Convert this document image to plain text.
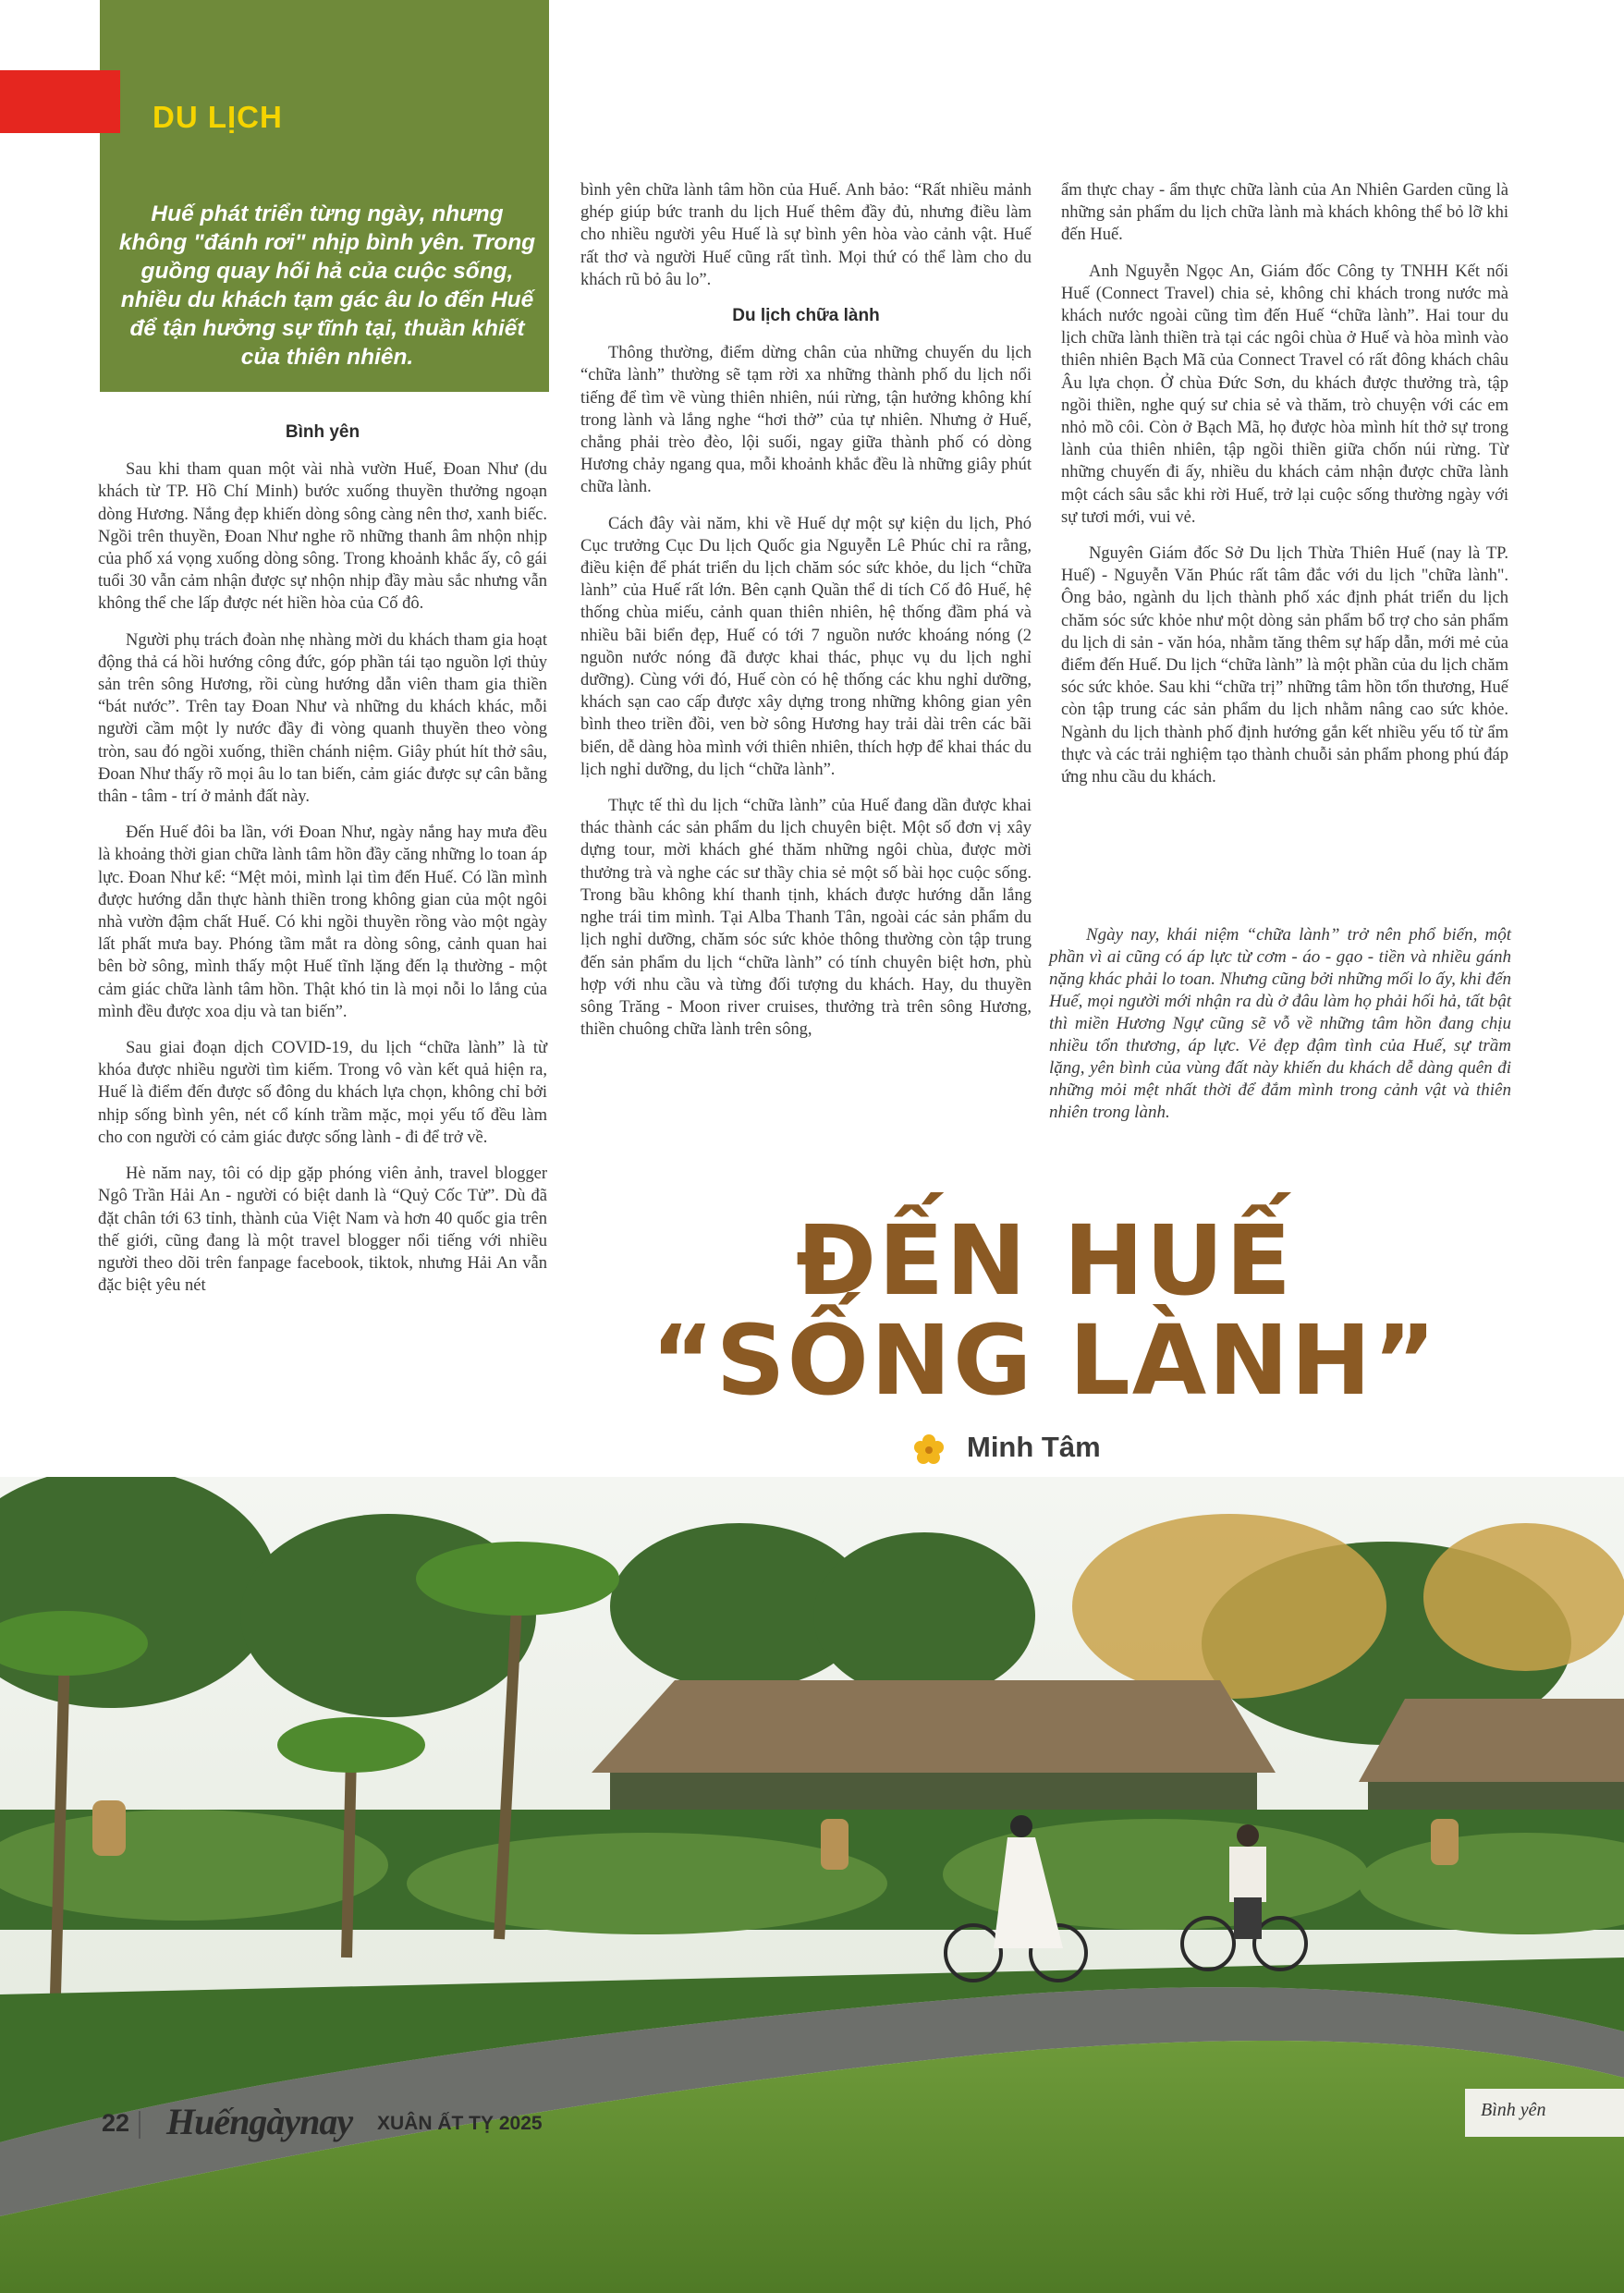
DU LỊCH
Huế phát triển từng ngày, nhưng không "đánh rơi" nhịp bình yên. Trong guồng quay hối hả của cuộc sống, nhiều du khách tạm gác âu lo đến Huế để tận hưởng sự tĩnh tại, thuần khiết của thiên nhiên.
Bình yên

Sau khi tham quan một vài nhà vườn Huế, Đoan Như (du khách từ TP. Hồ Chí Minh) bước xuống thuyền thưởng ngoạn dòng Hương. Nắng đẹp khiến dòng sông càng nên thơ, xanh biếc. Ngồi trên thuyền, Đoan Như nghe rõ những thanh âm nhộn nhịp của phố xá vọng xuống dòng sông. Trong khoảnh khắc ấy, cô gái tuổi 30 vẫn cảm nhận được sự nhộn nhịp đầy màu sắc nhưng vẫn không thể che lấp được nét hiền hòa của Cố đô.

Người phụ trách đoàn nhẹ nhàng mời du khách tham gia hoạt động thả cá hồi hướng công đức, góp phần tái tạo nguồn lợi thủy sản trên sông Hương, rồi cùng hướng dẫn viên tham gia thiền “bát nước”. Trên tay Đoan Như và những du khách khác, mỗi người cầm một ly nước đầy đi vòng quanh thuyền theo vòng tròn, sau đó ngồi xuống, thiền chánh niệm. Giây phút hít thở sâu, Đoan Như thấy rõ mọi âu lo tan biến, cảm giác được sự cân bằng thân - tâm - trí ở mảnh đất này.

Đến Huế đôi ba lần, với Đoan Như, ngày nắng hay mưa đều là khoảng thời gian chữa lành tâm hồn đầy căng những lo toan áp lực. Đoan Như kể: “Mệt mỏi, mình lại tìm đến Huế. Có lần mình được hướng dẫn thực hành thiền trong không gian của một ngôi nhà vườn đậm chất Huế. Có khi ngồi thuyền rồng vào một ngày lất phất mưa bay. Phóng tầm mắt ra dòng sông, cảnh quan hai bên bờ sông, mình thấy một Huế tĩnh lặng đến lạ thường - một cảm giác chữa lành tâm hồn. Thật khó tin là mọi nỗi lo lắng của mình đều được xoa dịu và tan biến”.

Sau giai đoạn dịch COVID-19, du lịch “chữa lành” là từ khóa được nhiều người tìm kiếm. Trong vô vàn kết quả hiện ra, Huế là điểm đến được số đông du khách lựa chọn, không chỉ bởi nhịp sống bình yên, nét cổ kính trầm mặc, mọi yếu tố đều làm cho con người có cảm giác được sống lành - đi để trở về.

Hè năm nay, tôi có dịp gặp phóng viên ảnh, travel blogger Ngô Trần Hải An - người có biệt danh là “Quỷ Cốc Tử”. Dù đã đặt chân tới 63 tỉnh, thành của Việt Nam và hơn 40 quốc gia trên thế giới, cũng đang là một travel blogger nổi tiếng với nhiều người theo dõi trên fanpage facebook, tiktok, nhưng Hải An vẫn đặc biệt yêu nét

bình yên chữa lành tâm hồn của Huế. Anh bảo: “Rất nhiều mảnh ghép giúp bức tranh du lịch Huế thêm đầy đủ, nhưng điều làm cho nhiều người yêu Huế là sự bình yên hòa vào cảnh vật. Huế rất thơ và người Huế cũng rất tình. Mọi thứ có thể làm cho du khách rũ bỏ âu lo”.

Du lịch chữa lành

Thông thường, điểm dừng chân của những chuyến du lịch “chữa lành” thường sẽ tạm rời xa những thành phố du lịch nổi tiếng để tìm về vùng thiên nhiên, núi rừng, tận hưởng không khí trong lành và lắng nghe “hơi thở” của tự nhiên. Nhưng ở Huế, chẳng phải trèo đèo, lội suối, ngay giữa thành phố có dòng Hương chảy ngang qua, mỗi khoảnh khắc đều là những giây phút chữa lành.

Cách đây vài năm, khi về Huế dự một sự kiện du lịch, Phó Cục trưởng Cục Du lịch Quốc gia Nguyễn Lê Phúc chỉ ra rằng, điều kiện để phát triển du lịch chăm sóc sức khỏe, du lịch “chữa lành” của Huế rất lớn. Bên cạnh Quần thể di tích Cố đô Huế, hệ thống chùa miếu, cảnh quan thiên nhiên, hệ thống đầm phá và nhiều bãi biển đẹp, Huế có tới 7 nguồn nước khoáng nóng (2 nguồn nước nóng đã được khai thác, phục vụ du lịch nghỉ dưỡng). Cùng với đó, Huế còn có hệ thống các khu nghỉ dưỡng, khách sạn cao cấp được xây dựng trong những không gian yên bình theo triền đồi, ven bờ sông Hương hay trải dài trên các bãi biển, dễ dàng hòa mình với thiên nhiên, thích hợp để khai thác du lịch nghỉ dưỡng, du lịch “chữa lành”.

Thực tế thì du lịch “chữa lành” của Huế đang dần được khai thác thành các sản phẩm du lịch chuyên biệt. Một số đơn vị xây dựng tour, mời khách ghé thăm những ngôi chùa, được mời thưởng trà và nghe các sư thầy chia sẻ một số bài học cuộc sống. Trong bầu không khí thanh tịnh, khách được hướng dẫn lắng nghe trái tim mình. Tại Alba Thanh Tân, ngoài các sản phẩm du lịch nghỉ dưỡng, chăm sóc sức khỏe thông thường còn tập trung đến sản phẩm du lịch “chữa lành” có tính chuyên biệt hơn, phù hợp với nhu cầu và từng đối tượng du khách. Hay, du thuyền sông Trăng - Moon river cruises, thưởng trà trên sông Hương, thiền chuông chữa lành trên sông,

ẩm thực chay - ẩm thực chữa lành của An Nhiên Garden cũng là những sản phẩm du lịch chữa lành mà khách không thể bỏ lỡ khi đến Huế.

Anh Nguyễn Ngọc An, Giám đốc Công ty TNHH Kết nối Huế (Connect Travel) chia sẻ, không chỉ khách trong nước mà khách nước ngoài cũng tìm đến Huế “chữa lành”. Hai tour du lịch chữa lành thiền trà tại các ngôi chùa ở Huế và hòa mình vào thiên nhiên Bạch Mã của Connect Travel có rất đông khách châu Âu lựa chọn. Ở chùa Đức Sơn, du khách được thưởng trà, tập ngồi thiền, nghe quý sư chia sẻ và thăm, trò chuyện với các em nhỏ mồ côi. Còn ở Bạch Mã, họ được hòa mình hít thở sự trong lành của thiên nhiên, tập ngồi thiền giữa chốn núi rừng. Từ những chuyến đi ấy, nhiều du khách cảm nhận được chữa lành một cách sâu sắc khi rời Huế, trở lại cuộc sống thường ngày với sự tươi mới, vui vẻ.

Nguyên Giám đốc Sở Du lịch Thừa Thiên Huế (nay là TP. Huế) - Nguyễn Văn Phúc rất tâm đắc với du lịch "chữa lành". Ông bảo, ngành du lịch thành phố xác định phát triển du lịch chăm sóc sức khỏe như một dòng sản phẩm bổ trợ cho sản phẩm du lịch di sản - văn hóa, nhằm tăng thêm sự hấp dẫn, mới mẻ của điểm đến Huế. Du lịch “chữa lành” là một phần của du lịch chăm sóc sức khỏe. Sau khi “chữa trị” những tâm hồn tổn thương, Huế còn tập trung các sản phẩm du lịch nhằm nâng cao sức khỏe. Ngành du lịch thành phố định hướng gắn kết nhiều yếu tố từ ẩm thực và các trải nghiệm tạo thành chuỗi sản phẩm phong phú đáp ứng nhu cầu du khách.

Ngày nay, khái niệm “chữa lành” trở nên phổ biến, một phần vì ai cũng có áp lực từ cơm - áo - gạo - tiền và nhiều gánh nặng khác phải lo toan. Nhưng cũng bởi những mối lo ấy, khi đến Huế, mọi người mới nhận ra dù ở đâu làm họ phải hối hả, tất bật thì miền Hương Ngự cũng sẽ vỗ về những tâm hồn đang chịu nhiều tổn thương, áp lực. Vẻ đẹp đậm tình của Huế, sự trầm lặng, yên bình của vùng đất này khiến du khách dễ dàng quên đi những mỏi mệt nhất thời để đắm mình trong cảnh vật và thiên nhiên trong lành.
ĐẾN HUẾ
“SỐNG LÀNH”
Minh Tâm
22 Huếngàynay XUÂN ẤT TỴ 2025
Bình yên
